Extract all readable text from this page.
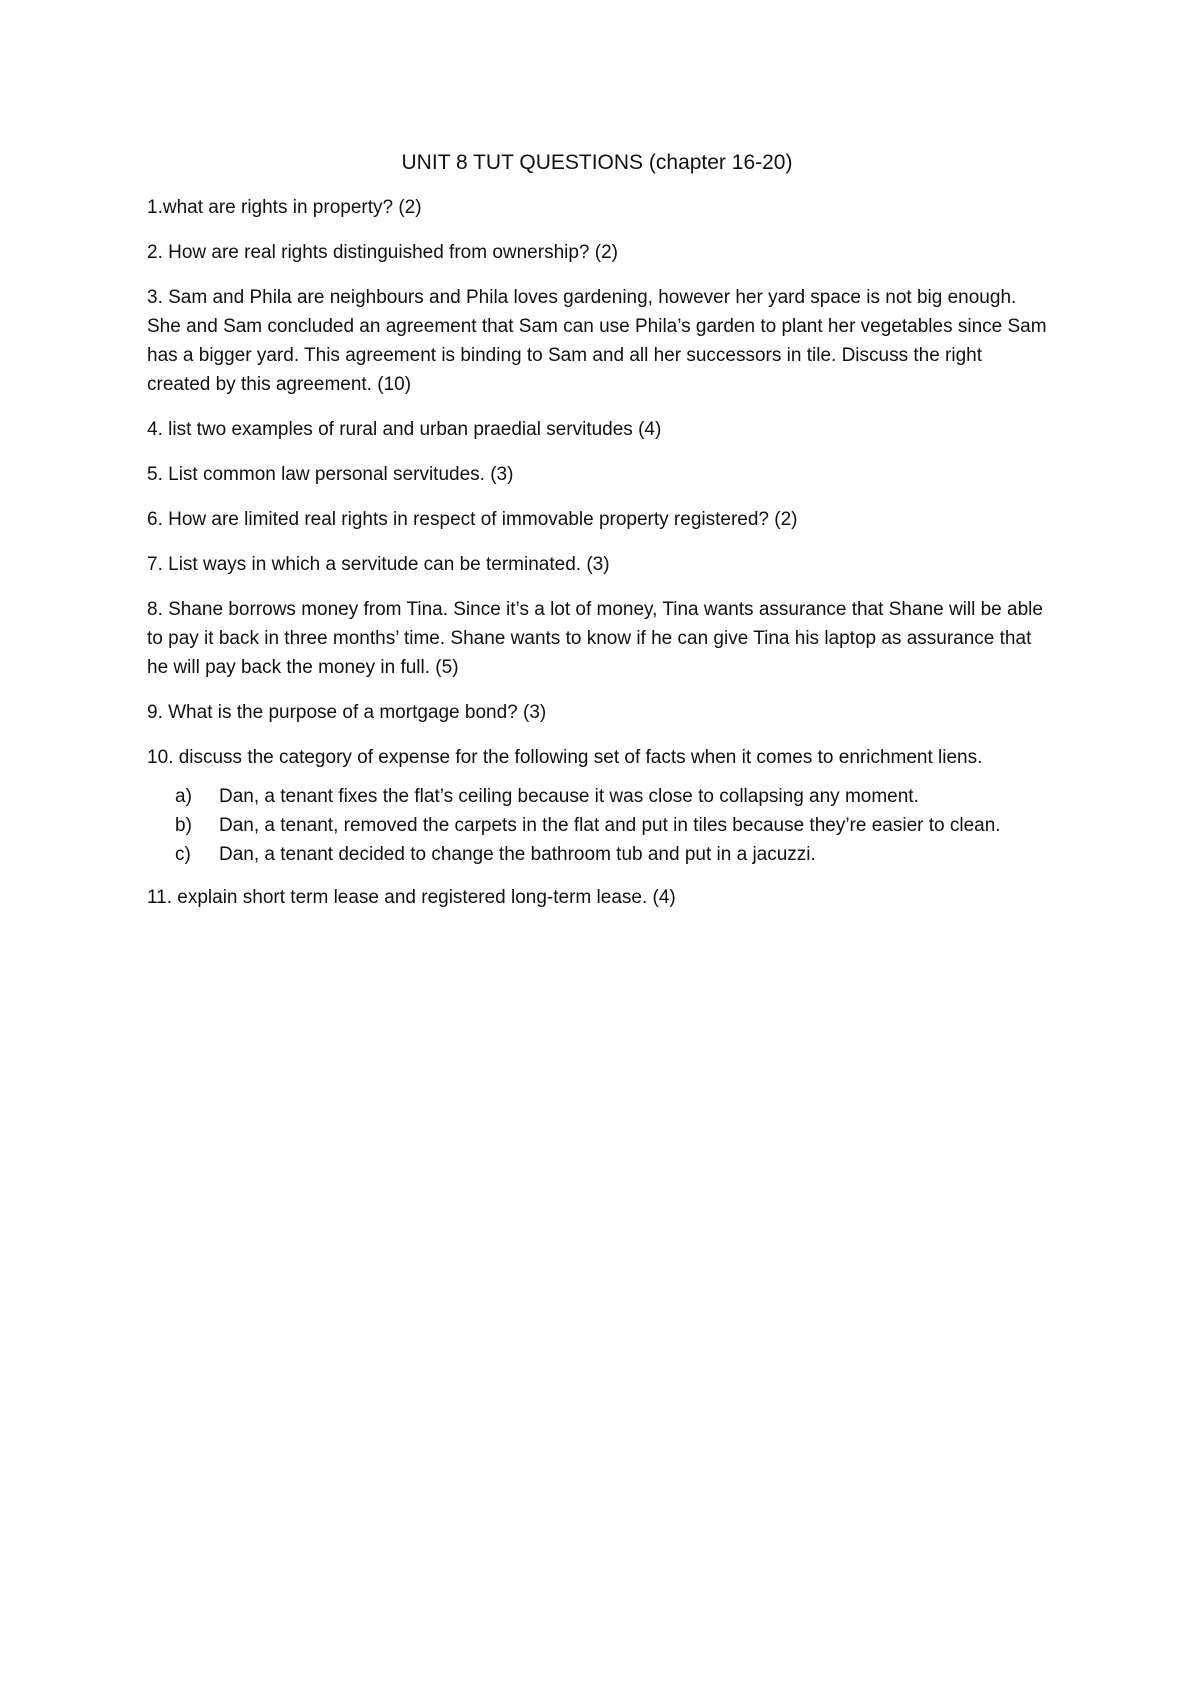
UNIT 8 TUT QUESTIONS (chapter 16-20)

1.what are rights in property? (2)

2. How are real rights distinguished from ownership? (2)

3. Sam and Phila are neighbours and Phila loves gardening, however her yard space is not big enough. She and Sam concluded an agreement that Sam can use Phila’s garden to plant her vegetables since Sam has a bigger yard. This agreement is binding to Sam and all her successors in tile. Discuss the right created by this agreement. (10)

4. list two examples of rural and urban praedial servitudes (4)

5. List common law personal servitudes. (3)

6. How are limited real rights in respect of immovable property registered? (2)

7. List ways in which a servitude can be terminated. (3)

8. Shane borrows money from Tina. Since it’s a lot of money, Tina wants assurance that Shane will be able to pay it back in three months’ time. Shane wants to know if he can give Tina his laptop as assurance that he will pay back the money in full. (5)

9. What is the purpose of a mortgage bond? (3)

10. discuss the category of expense for the following set of facts when it comes to enrichment liens.

a) Dan, a tenant fixes the flat’s ceiling because it was close to collapsing any moment.
b) Dan, a tenant, removed the carpets in the flat and put in tiles because they’re easier to clean.
c) Dan, a tenant decided to change the bathroom tub and put in a jacuzzi.

11. explain short term lease and registered long-term lease. (4)
